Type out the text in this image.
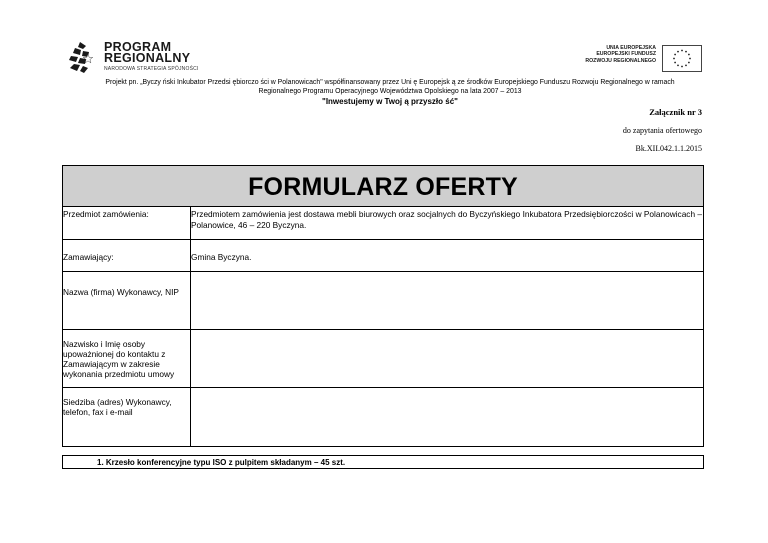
PROGRAM
REGIONALNY
NARODOWA STRATEGIA SPÓJNOŚCI
UNIA EUROPEJSKA
EUROPEJSKI FUNDUSZ
ROZWOJU REGIONALNEGO
Projekt pn. „Byczy ński Inkubator Przedsi ębiorczo ści w Polanowicach" współfinansowany przez Uni ę Europejsk ą ze środków Europejskiego Funduszu Rozwoju Regionalnego w ramach
Regionalnego Programu Operacyjnego Województwa Opolskiego na lata 2007 – 2013
"Inwestujemy w Twoj ą przyszło ść"
Załącznik nr 3
do zapytania ofertowego
Bk.XII.042.1.1.2015
FORMULARZ OFERTY
Przedmiot zamówienia:	Przedmiotem zamówienia jest dostawa mebli biurowych oraz socjalnych do Byczyńskiego Inkubatora Przedsiębiorczości w Polanowicach – Polanowice, 46 – 220 Byczyna.
Zamawiający:	Gmina Byczyna.
Nazwa (firma) Wykonawcy, NIP
Nazwisko i Imię osoby upoważnionej do kontaktu z Zamawiającym w zakresie wykonania przedmiotu umowy
Siedziba (adres) Wykonawcy, telefon, fax i e-mail
1. Krzesło konferencyjne typu ISO z pulpitem składanym – 45 szt.
